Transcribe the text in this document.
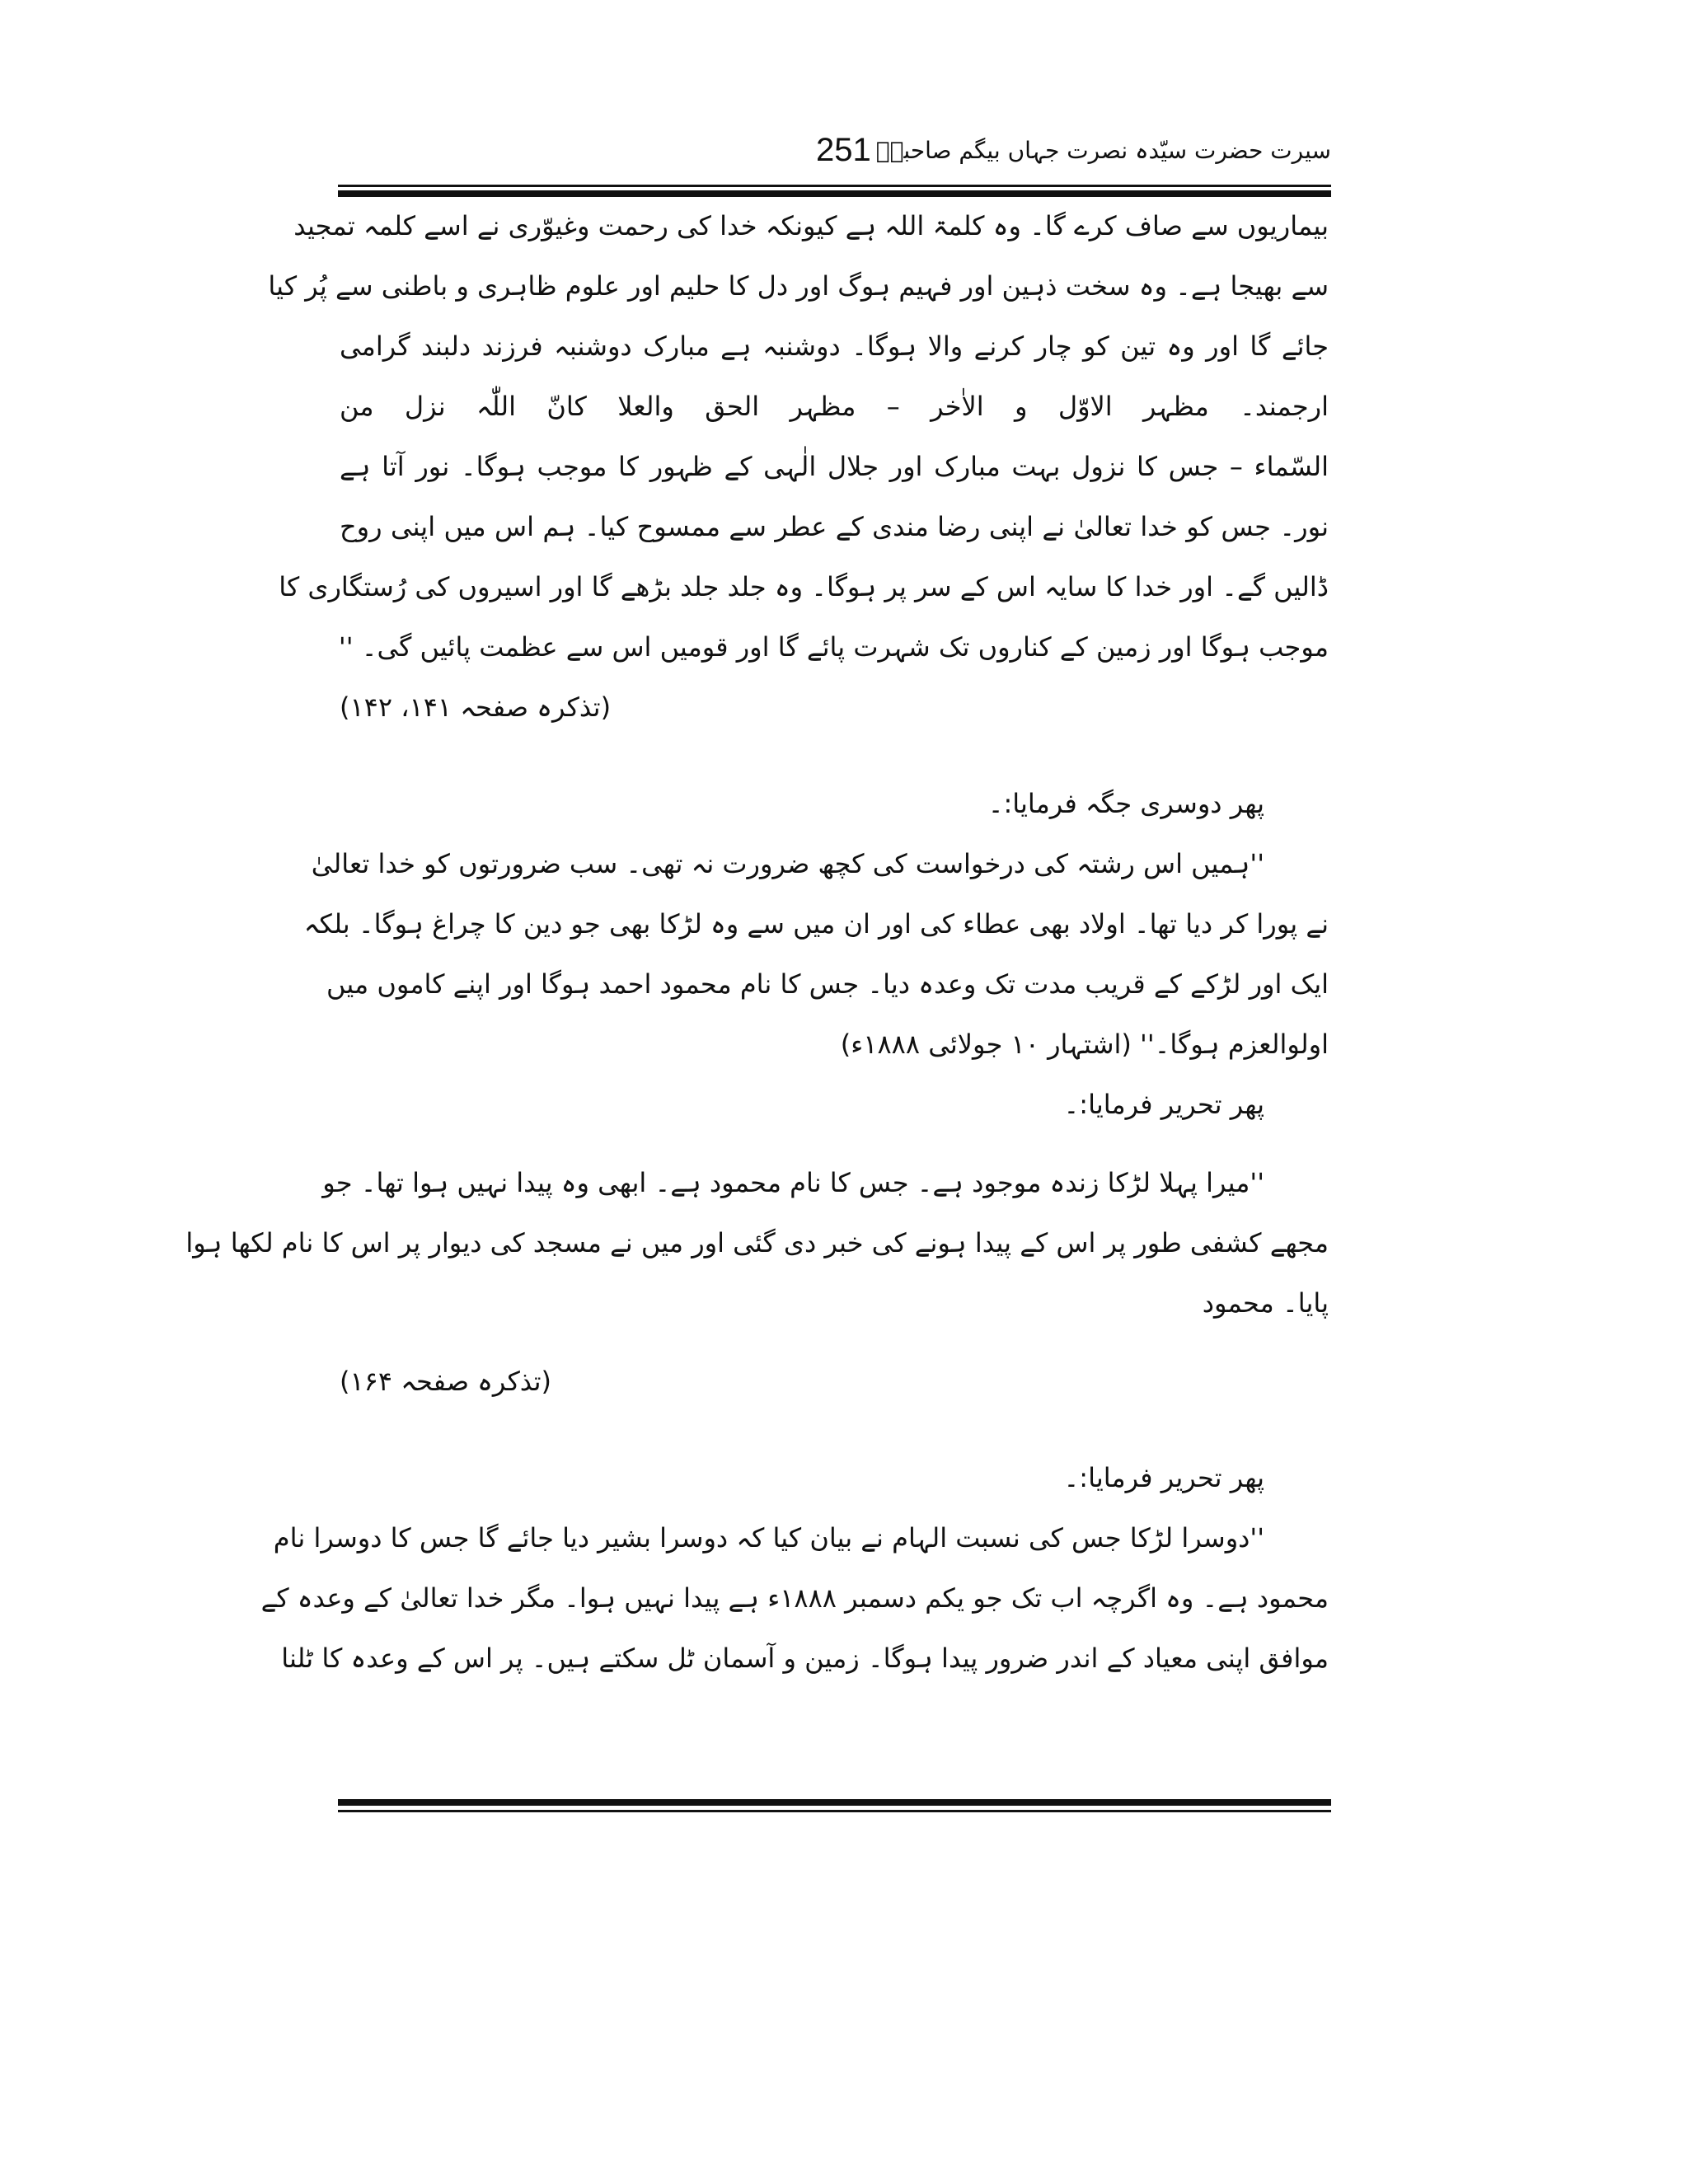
251 سیرت حضرت سیّدہ نصرت جہاں بیگم صاحبہؓ
بیماریوں سے صاف کرے گا۔ وہ کلمۃ اللہ ہے کیونکہ خدا کی رحمت وغیوّری نے اسے کلمہ تمجید
سے بھیجا ہے۔ وہ سخت ذہین اور فہیم ہوگ اور دل کا حلیم اور علوم ظاہری و باطنی سے پُر کیا
جائے گا اور وہ تین کو چار کرنے والا ہوگا۔ دوشنبہ ہے مبارک دوشنبہ فرزند دلبند گرامی
ارجمند۔ مظہر الاوّل و الاٰخر – مظہر الحق والعلا کانّ اللّٰہ نزل من
السّماء – جس کا نزول بہت مبارک اور جلال الٰہی کے ظہور کا موجب ہوگا۔ نور آتا ہے
نور۔ جس کو خدا تعالیٰ نے اپنی رضا مندی کے عطر سے ممسوح کیا۔ ہم اس میں اپنی روح
ڈالیں گے۔ اور خدا کا سایہ اس کے سر پر ہوگا۔ وہ جلد جلد بڑھے گا اور اسیروں کی رُستگاری کا
موجب ہوگا اور زمین کے کناروں تک شہرت پائے گا اور قومیں اس سے عظمت پائیں گی۔ ''
(تذکرہ صفحہ ۱۴۱، ۱۴۲)
پھر دوسری جگہ فرمایا:۔
''ہمیں اس رشتہ کی درخواست کی کچھ ضرورت نہ تھی۔ سب ضرورتوں کو خدا تعالیٰ
نے پورا کر دیا تھا۔ اولاد بھی عطاء کی اور ان میں سے وہ لڑکا بھی جو دین کا چراغ ہوگا۔ بلکہ
ایک اور لڑکے کے قریب مدت تک وعدہ دیا۔ جس کا نام محمود احمد ہوگا اور اپنے کاموں میں
اولوالعزم ہوگا۔'' (اشتہار ۱۰ جولائی ۱۸۸۸ء)
پھر تحریر فرمایا:۔
''میرا پہلا لڑکا زندہ موجود ہے۔ جس کا نام محمود ہے۔ ابھی وہ پیدا نہیں ہوا تھا۔ جو
مجھے کشفی طور پر اس کے پیدا ہونے کی خبر دی گئی اور میں نے مسجد کی دیوار پر اس کا نام لکھا ہوا
پایا۔ محمود
(تذکرہ صفحہ ۱۶۴)
پھر تحریر فرمایا:۔
''دوسرا لڑکا جس کی نسبت الہام نے بیان کیا کہ دوسرا بشیر دیا جائے گا جس کا دوسرا نام
محمود ہے۔ وہ اگرچہ اب تک جو یکم دسمبر ۱۸۸۸ء ہے پیدا نہیں ہوا۔ مگر خدا تعالیٰ کے وعدہ کے
موافق اپنی معیاد کے اندر ضرور پیدا ہوگا۔ زمین و آسمان ٹل سکتے ہیں۔ پر اس کے وعدہ کا ٹلنا
